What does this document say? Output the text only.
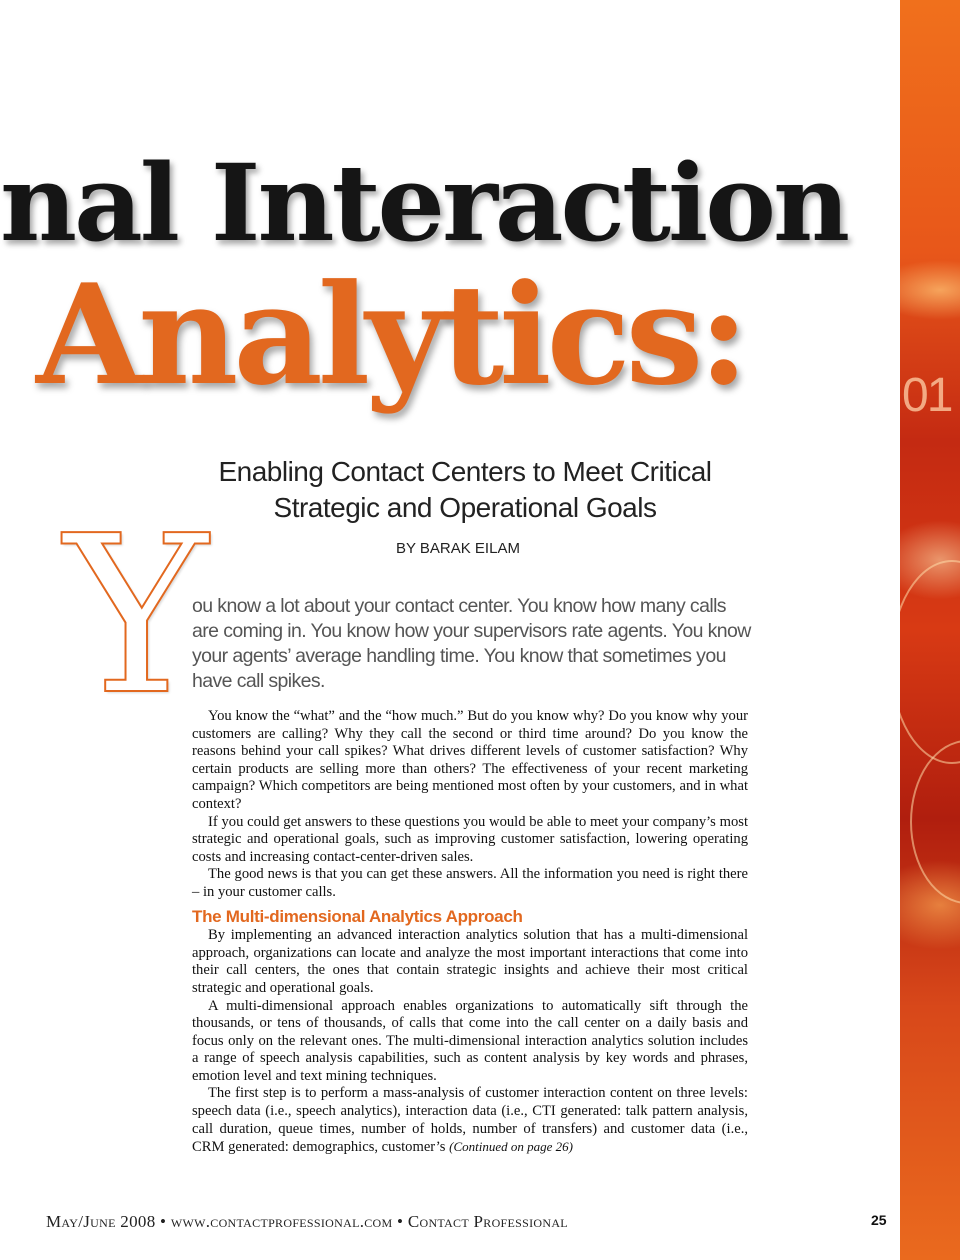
01
nal Interaction
Analytics:
Enabling Contact Centers to Meet Critical
Strategic and Operational Goals
BY BARAK EILAM
Y
ou know a lot about your contact center. You know how many calls
are coming in. You know how your supervisors rate agents. You know
your agents’ average handling time. You know that sometimes you
have call spikes.

You know the “what” and the “how much.” But do you know why? Do you know why your customers are calling? Why they call the second or third time around? Do you know the reasons behind your call spikes? What drives different levels of customer satisfaction? Why certain products are selling more than others? The effectiveness of your recent marketing campaign? Which competitors are being mentioned most often by your customers, and in what context?

If you could get answers to these questions you would be able to meet your company’s most strategic and operational goals, such as improving customer satisfaction, lowering operating costs and increasing contact-center-driven sales.

The good news is that you can get these answers. All the information you need is right there – in your customer calls.

The Multi-dimensional Analytics Approach

By implementing an advanced interaction analytics solution that has a multi-dimensional approach, organizations can locate and analyze the most important interactions that come into their call centers, the ones that contain strategic insights and achieve their most critical strategic and operational goals.

A multi-dimensional approach enables organizations to automatically sift through the thousands, or tens of thousands, of calls that come into the call center on a daily basis and focus only on the relevant ones. The multi-dimensional interaction analytics solution includes a range of speech analysis capabilities, such as content analysis by key words and phrases, emotion level and text mining techniques.

The first step is to perform a mass-analysis of customer interaction content on three levels: speech data (i.e., speech analytics), interaction data (i.e., CTI generated: talk pattern analysis, call duration, queue times, number of holds, number of transfers) and customer data (i.e., CRM generated: demographics, customer’s (Continued on page 26)

May/June 2008 • www.contactprofessional.com • Contact Professional	25
